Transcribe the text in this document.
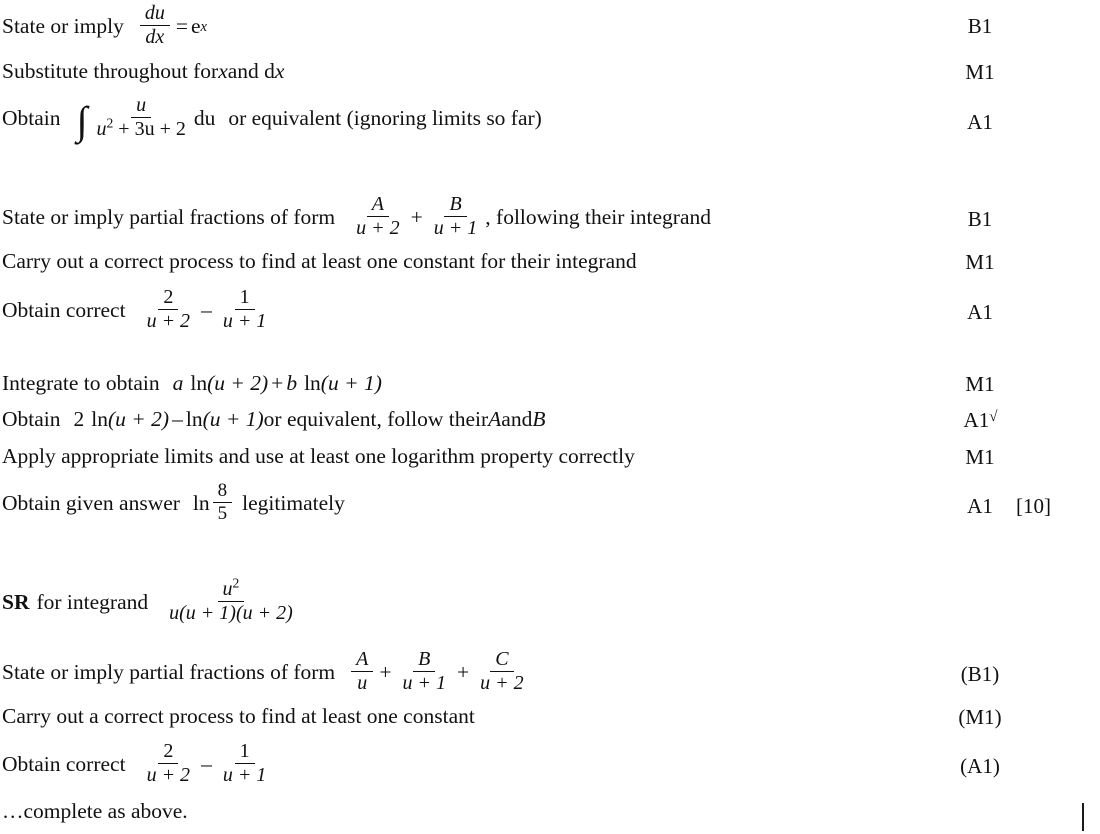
State or imply $\frac{du}{dx} = e$ x	B1
Substitute throughout for x and d x	M1
Obtain ∫ $\frac{u}{u^2 + 3u + 2}$ du or equivalent (ignoring limits so far)	A1
State or imply partial fractions of form $\frac{A}{u + 2} + \frac{B}{u + 1}$ , following their integrand	B1
Carry out a correct process to find at least one constant for their integrand	M1
Obtain correct $\frac{2}{u + 2} - \frac{1}{u + 1}$	A1
Integrate to obtain a ln (u + 2) + b ln (u + 1)	M1
Obtain 2 ln (u + 2) – ln (u + 1) or equivalent, follow their A and B	A1√
Apply appropriate limits and use at least one logarithm property correctly	M1
Obtain given answer $\ln \frac{8}{5}$ legitimately	A1	[10]
SR for integrand $\frac{u^2}{u(u + 1)(u + 2)}$
State or imply partial fractions of form $\frac{A}{u} + \frac{B}{u + 1} + \frac{C}{u + 2}$	(B1)
Carry out a correct process to find at least one constant	(M1)
Obtain correct $\frac{2}{u + 2} - \frac{1}{u + 1}$	(A1)
…complete as above.
